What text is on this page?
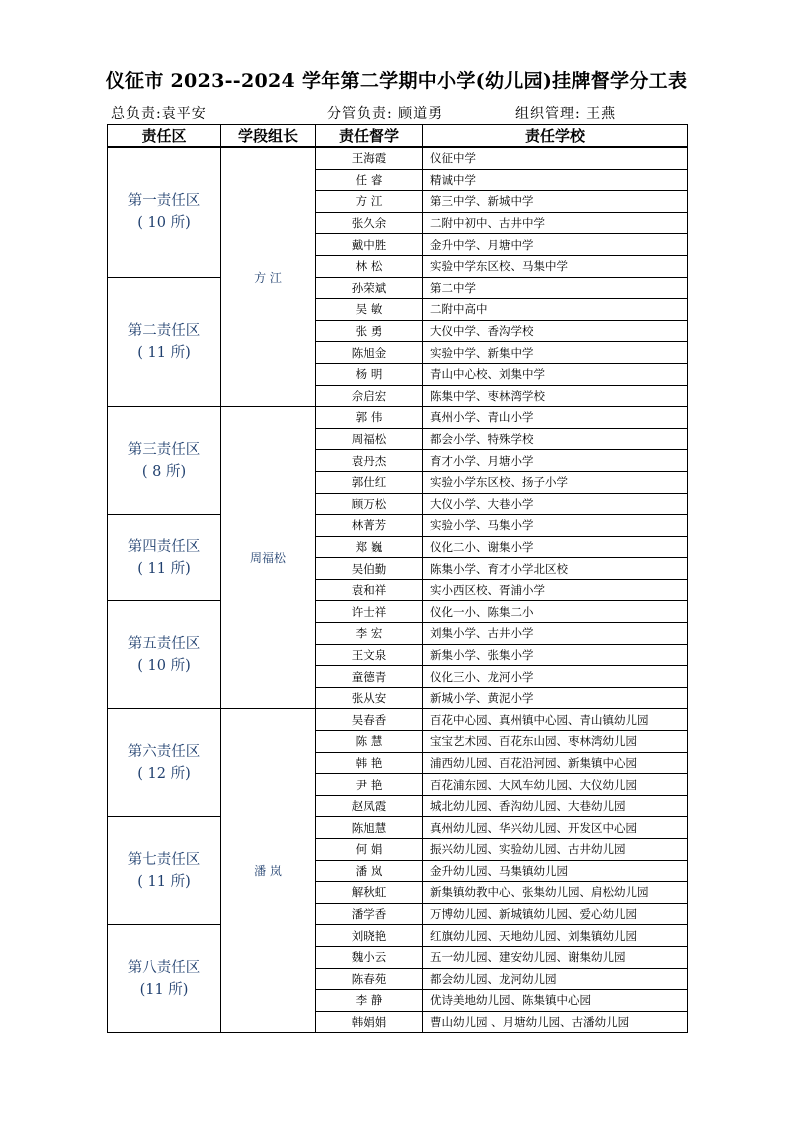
仪征市 2023--2024 学年第二学期中小学(幼儿园)挂牌督学分工表
总负责:袁平安	分管负责: 顾道勇	组织管理: 王燕
责任区	学段组长	责任督学	责任学校

第一责任区
( 10 所)	方 江	王海霞	仪征中学
		任 睿	精诚中学
		方 江	第三中学、新城中学
		张久余	二附中初中、古井中学
		戴中胜	金升中学、月塘中学
		林 松	实验中学东区校、马集中学

第二责任区
( 11 所)		孙荣斌	第二中学
		吴 敏	二附中高中
		张 勇	大仪中学、香沟学校
		陈旭金	实验中学、新集中学
		杨 明	青山中心校、刘集中学
		佘启宏	陈集中学、枣林湾学校

第三责任区
( 8 所)	周福松	郭 伟	真州小学、青山小学
		周福松	都会小学、特殊学校
		袁丹杰	育才小学、月塘小学
		郭仕红	实验小学东区校、扬子小学
		顾万松	大仪小学、大巷小学

第四责任区
( 11 所)		林菁芳	实验小学、马集小学
		郑 巍	仪化二小、谢集小学
		吴伯勤	陈集小学、育才小学北区校
		袁和祥	实小西区校、胥浦小学

第五责任区
( 10 所)		许士祥	仪化一小、陈集二小
		李 宏	刘集小学、古井小学
		王文泉	新集小学、张集小学
		童德青	仪化三小、龙河小学
		张从安	新城小学、黄泥小学

第六责任区
( 12 所)	潘 岚	吴春香	百花中心园、真州镇中心园、青山镇幼儿园
		陈 慧	宝宝艺术园、百花东山园、枣林湾幼儿园
		韩 艳	浦西幼儿园、百花沿河园、新集镇中心园
		尹 艳	百花浦东园、大风车幼儿园、大仪幼儿园
		赵凤霞	城北幼儿园、香沟幼儿园、大巷幼儿园

第七责任区
( 11 所)		陈旭慧	真州幼儿园、华兴幼儿园、开发区中心园
		何 娟	振兴幼儿园、实验幼儿园、古井幼儿园
		潘 岚	金升幼儿园、马集镇幼儿园
		解秋虹	新集镇幼教中心、张集幼儿园、肩松幼儿园
		潘学香	万博幼儿园、新城镇幼儿园、爱心幼儿园

第八责任区
(11 所)		刘晓艳	红旗幼儿园、天地幼儿园、刘集镇幼儿园
		魏小云	五一幼儿园、建安幼儿园、谢集幼儿园
		陈春苑	都会幼儿园、龙河幼儿园
		李 静	优诗美地幼儿园、陈集镇中心园
		韩娟娟	曹山幼儿园 、月塘幼儿园、古潘幼儿园
